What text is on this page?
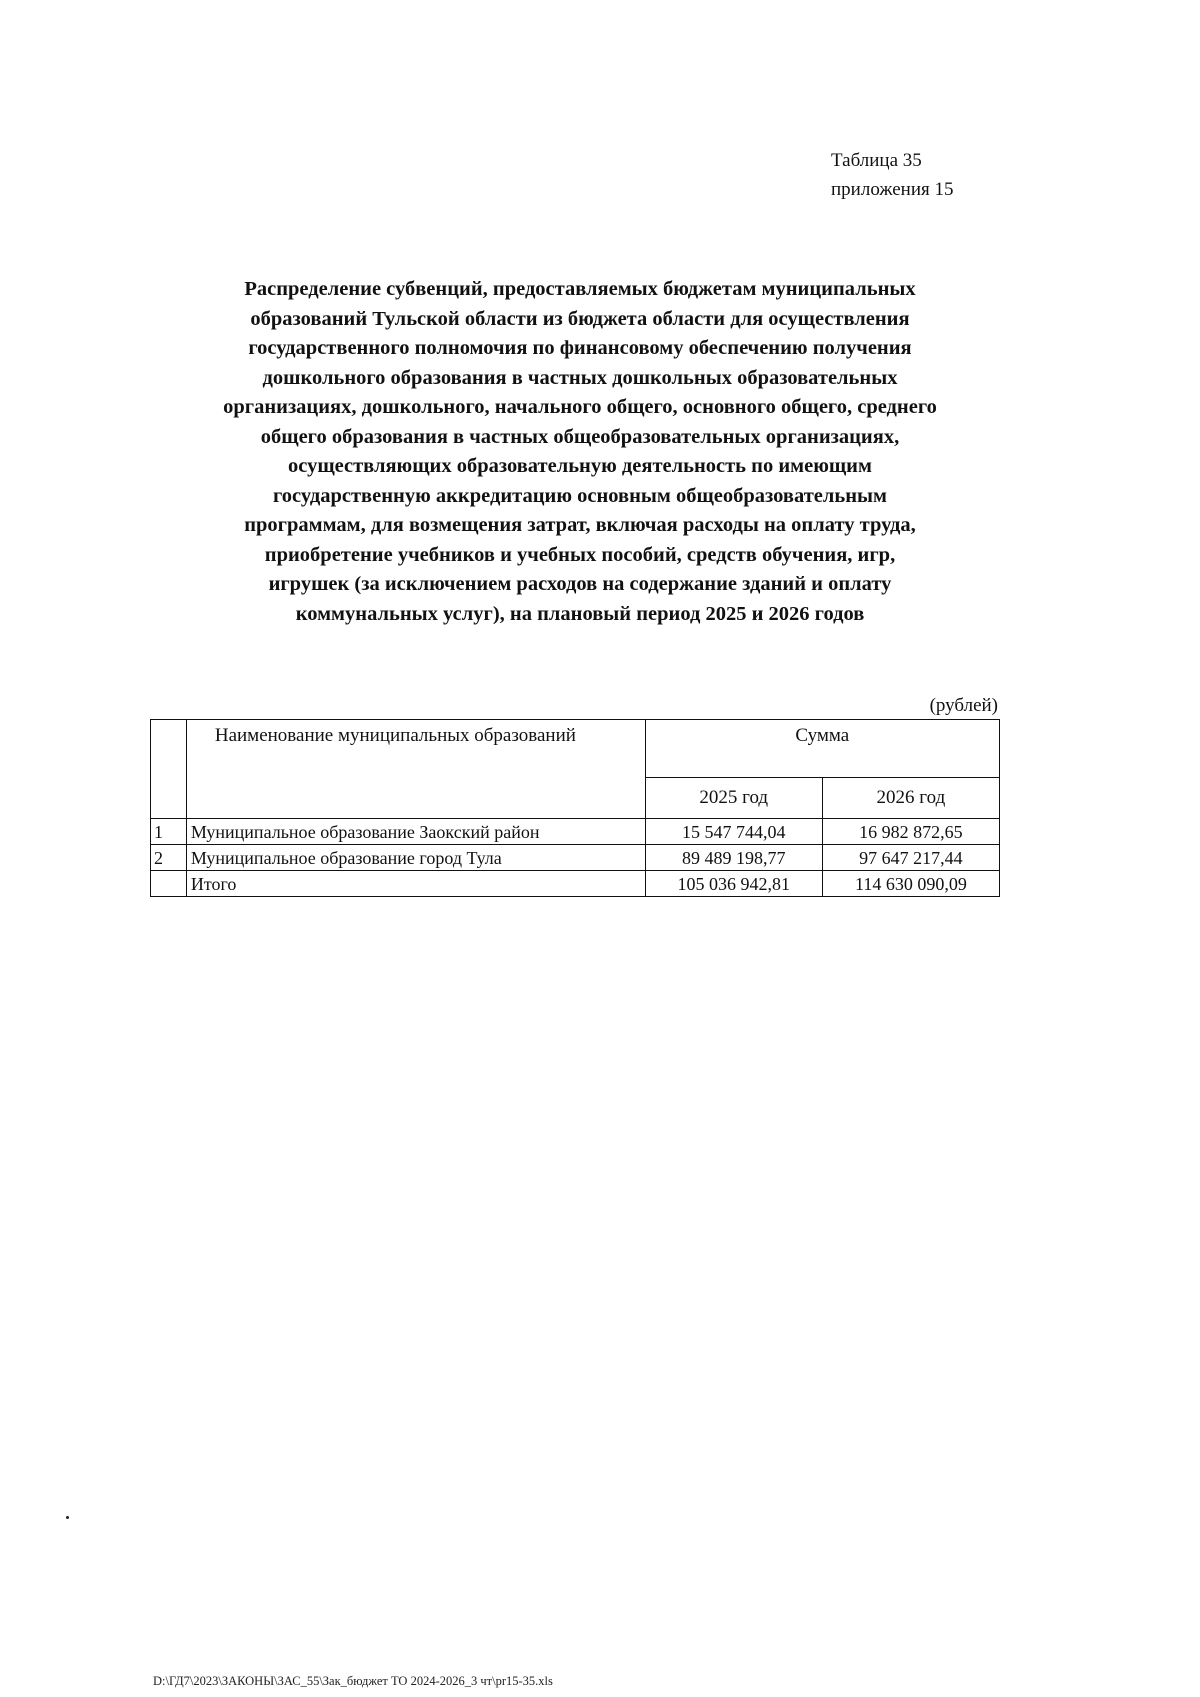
Таблица 35
приложения 15
Распределение субвенций, предоставляемых бюджетам муниципальных
образований Тульской области из бюджета области для осуществления
государственного полномочия по финансовому обеспечению получения
дошкольного образования в частных дошкольных образовательных
организациях, дошкольного, начального общего, основного общего, среднего
общего образования в частных общеобразовательных организациях,
осуществляющих образовательную деятельность по имеющим
государственную аккредитацию основным общеобразовательным
программам, для возмещения затрат, включая расходы на оплату труда,
приобретение учебников и учебных пособий, средств обучения, игр,
игрушек (за исключением расходов на содержание зданий и оплату
коммунальных услуг), на плановый период 2025 и 2026 годов
(рублей)
	Наименование муниципальных образований	Сумма	
		2025 год	2026 год
1	Муниципальное образование Заокский район	15 547 744,04	16 982 872,65
2	Муниципальное образование город Тула	89 489 198,77	97 647 217,44
	Итого	105 036 942,81	114 630 090,09
D:\ГД7\2023\ЗАКОНЫ\ЗАС_55\Зак_бюджет ТО 2024-2026_3 чт\pr15-35.xls
